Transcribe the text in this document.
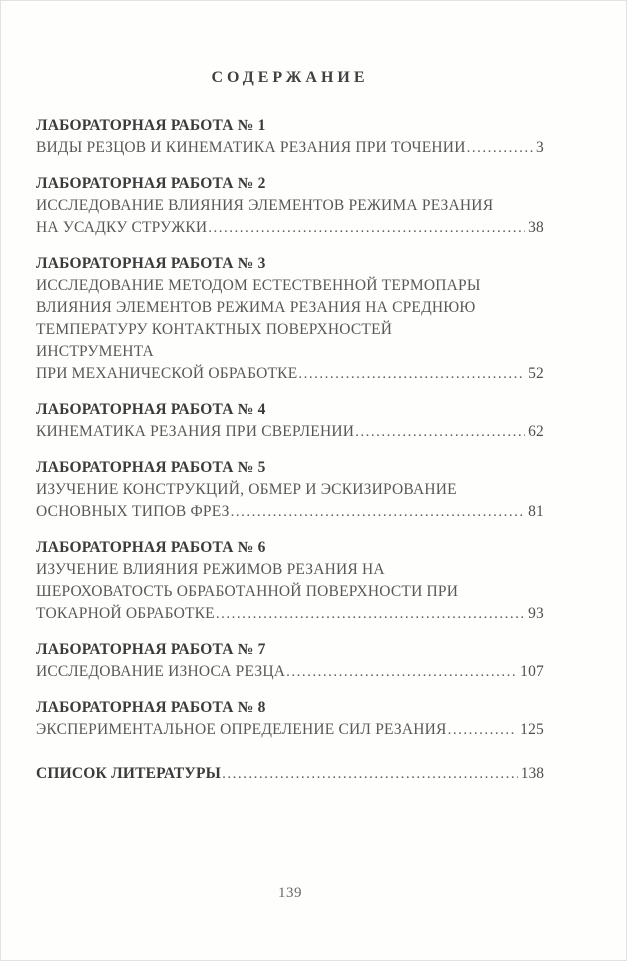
СОДЕРЖАНИЕ
ЛАБОРАТОРНАЯ РАБОТА № 1
ВИДЫ РЕЗЦОВ И КИНЕМАТИКА РЕЗАНИЯ ПРИ ТОЧЕНИИ .....	3
ЛАБОРАТОРНАЯ РАБОТА № 2
ИССЛЕДОВАНИЕ ВЛИЯНИЯ ЭЛЕМЕНТОВ РЕЖИМА РЕЗАНИЯ
НА УСАДКУ СТРУЖКИ .....	38
ЛАБОРАТОРНАЯ РАБОТА № 3
ИССЛЕДОВАНИЕ МЕТОДОМ ЕСТЕСТВЕННОЙ ТЕРМОПАРЫ
ВЛИЯНИЯ ЭЛЕМЕНТОВ РЕЖИМА РЕЗАНИЯ НА СРЕДНЮЮ
ТЕМПЕРАТУРУ КОНТАКТНЫХ ПОВЕРХНОСТЕЙ
ИНСТРУМЕНТА
ПРИ МЕХАНИЧЕСКОЙ ОБРАБОТКЕ .....	52
ЛАБОРАТОРНАЯ РАБОТА № 4
КИНЕМАТИКА РЕЗАНИЯ ПРИ СВЕРЛЕНИИ .....	62
ЛАБОРАТОРНАЯ РАБОТА № 5
ИЗУЧЕНИЕ КОНСТРУКЦИЙ, ОБМЕР И ЭСКИЗИРОВАНИЕ
ОСНОВНЫХ ТИПОВ ФРЕЗ .....	81
ЛАБОРАТОРНАЯ РАБОТА № 6
ИЗУЧЕНИЕ ВЛИЯНИЯ РЕЖИМОВ РЕЗАНИЯ НА
ШЕРОХОВАТОСТЬ ОБРАБОТАННОЙ ПОВЕРХНОСТИ ПРИ
ТОКАРНОЙ ОБРАБОТКЕ .....	93
ЛАБОРАТОРНАЯ РАБОТА № 7
ИССЛЕДОВАНИЕ ИЗНОСА РЕЗЦА .....	107
ЛАБОРАТОРНАЯ РАБОТА № 8
ЭКСПЕРИМЕНТАЛЬНОЕ ОПРЕДЕЛЕНИЕ СИЛ РЕЗАНИЯ .....	125
СПИСОК ЛИТЕРАТУРЫ .....	138
139
